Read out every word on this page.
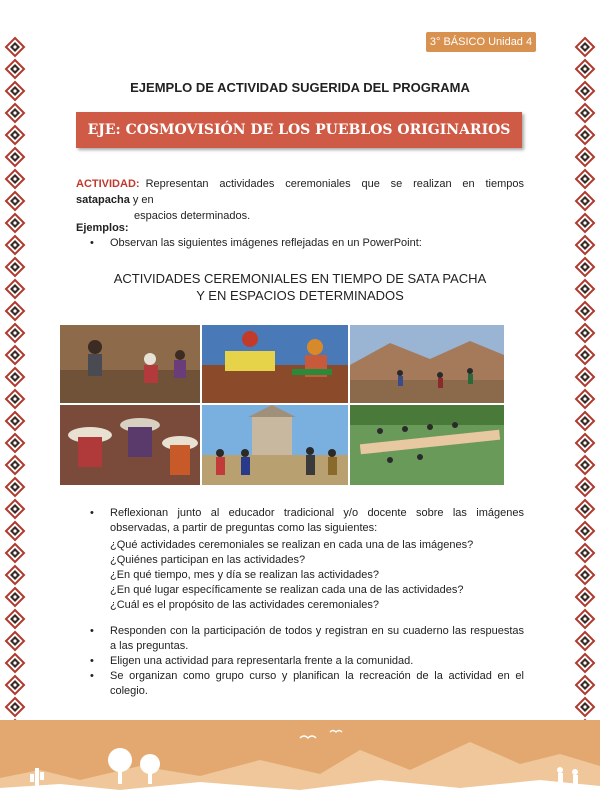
3° BÁSICO Unidad 4
EJEMPLO DE ACTIVIDAD SUGERIDA DEL PROGRAMA
EJE: COSMOVISIÓN DE LOS PUEBLOS ORIGINARIOS
ACTIVIDAD: Representan actividades ceremoniales que se realizan en tiempos satapacha y en
espacios determinados.
Ejemplos:
• Observan las siguientes imágenes reflejadas en un PowerPoint:
ACTIVIDADES CEREMONIALES EN TIEMPO DE SATA PACHA
Y EN ESPACIOS DETERMINADOS
• Reflexionan junto al educador tradicional y/o docente sobre las imágenes observadas, a partir de preguntas como las siguientes:
¿Qué actividades ceremoniales se realizan en cada una de las imágenes?
¿Quiénes participan en las actividades?
¿En qué tiempo, mes y día se realizan las actividades?
¿En qué lugar específicamente se realizan cada una de las actividades?
¿Cuál es el propósito de las actividades ceremoniales?
• Responden con la participación de todos y registran en su cuaderno las respuestas a las preguntas.
• Eligen una actividad para representarla frente a la comunidad.
• Se organizan como grupo curso y planifican la recreación de la actividad en el colegio.
